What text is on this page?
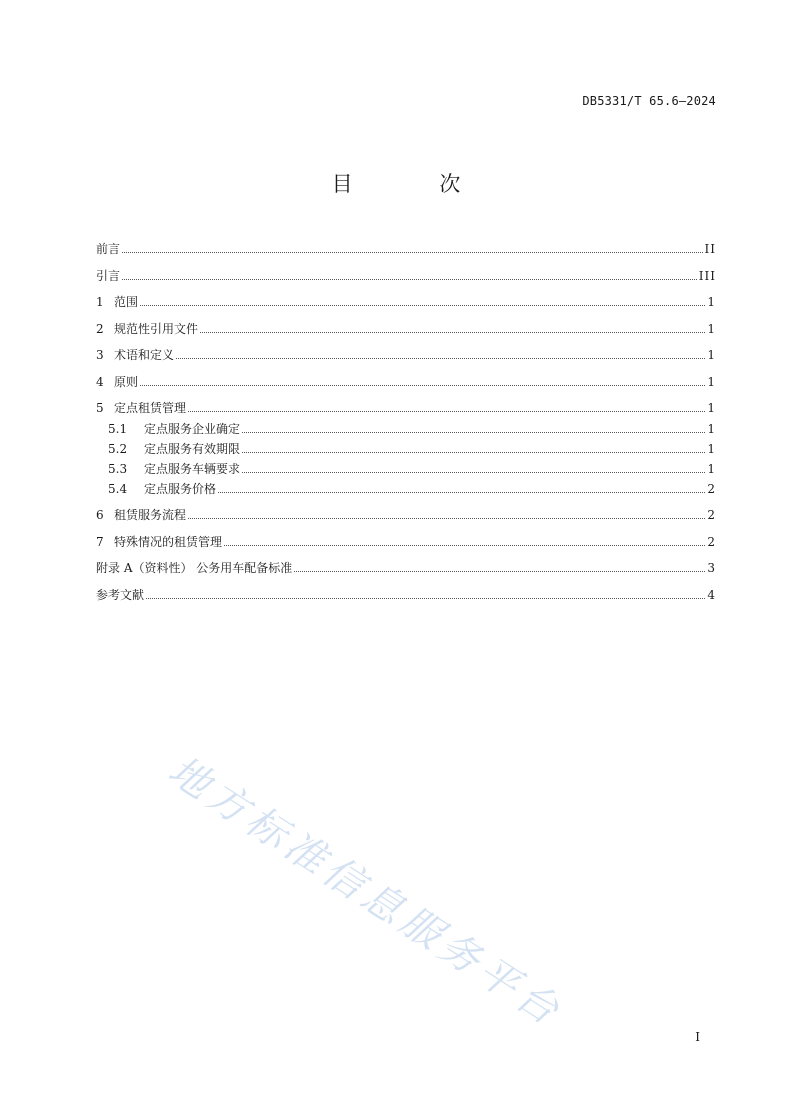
DB5331/T 65.6—2024
目 次
前言	II
引言	III
1 范围	1
2 规范性引用文件	1
3 术语和定义	1
4 原则	1
5 定点租赁管理	1
5.1	定点服务企业确定	1
5.2	定点服务有效期限	1
5.3	定点服务车辆要求	1
5.4	定点服务价格	2
6 租赁服务流程	2
7 特殊情况的租赁管理	2
附录 A（资料性） 公务用车配备标准	3
参考文献	4
地方标准信息服务平台
I
